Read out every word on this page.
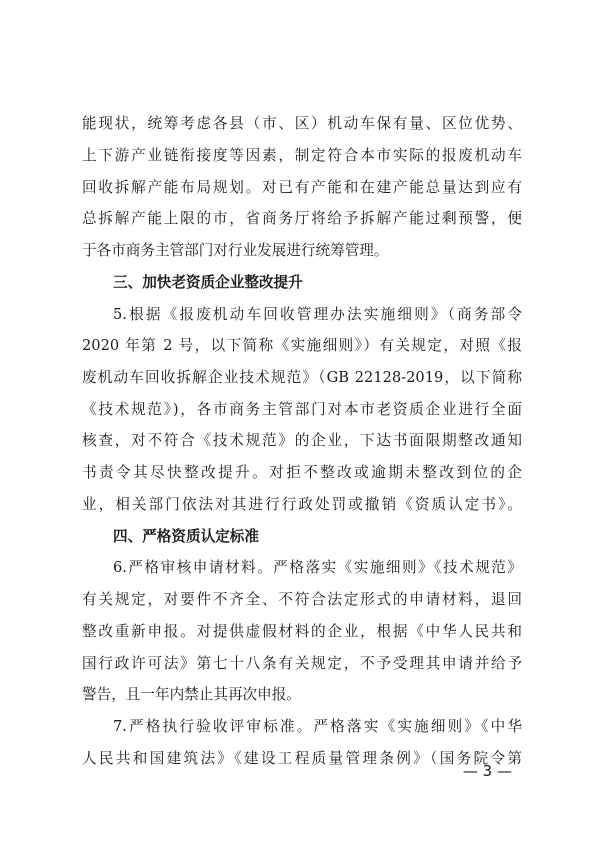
能现状，统筹考虑各县（市、区）机动车保有量、区位优势、
上下游产业链衔接度等因素，制定符合本市实际的报废机动车
回收拆解产能布局规划。对已有产能和在建产能总量达到应有
总拆解产能上限的市，省商务厅将给予拆解产能过剩预警，便
于各市商务主管部门对行业发展进行统筹管理。
三、加快老资质企业整改提升
5.根据《报废机动车回收管理办法实施细则》（商务部令
2020 年第 2 号，以下简称《实施细则》）有关规定，对照《报
废机动车回收拆解企业技术规范》（GB 22128-2019，以下简称
《技术规范》)，各市商务主管部门对本市老资质企业进行全面
核查，对不符合《技术规范》的企业，下达书面限期整改通知
书责令其尽快整改提升。对拒不整改或逾期未整改到位的企
业，相关部门依法对其进行行政处罚或撤销《资质认定书》。
四、严格资质认定标准
6.严格审核申请材料。严格落实《实施细则》《技术规范》
有关规定，对要件不齐全、不符合法定形式的申请材料，退回
整改重新申报。对提供虚假材料的企业，根据《中华人民共和
国行政许可法》第七十八条有关规定，不予受理其申请并给予
警告，且一年内禁止其再次申报。
7.严格执行验收评审标准。严格落实《实施细则》《中华
人民共和国建筑法》《建设工程质量管理条例》（国务院令第
— 3 —
